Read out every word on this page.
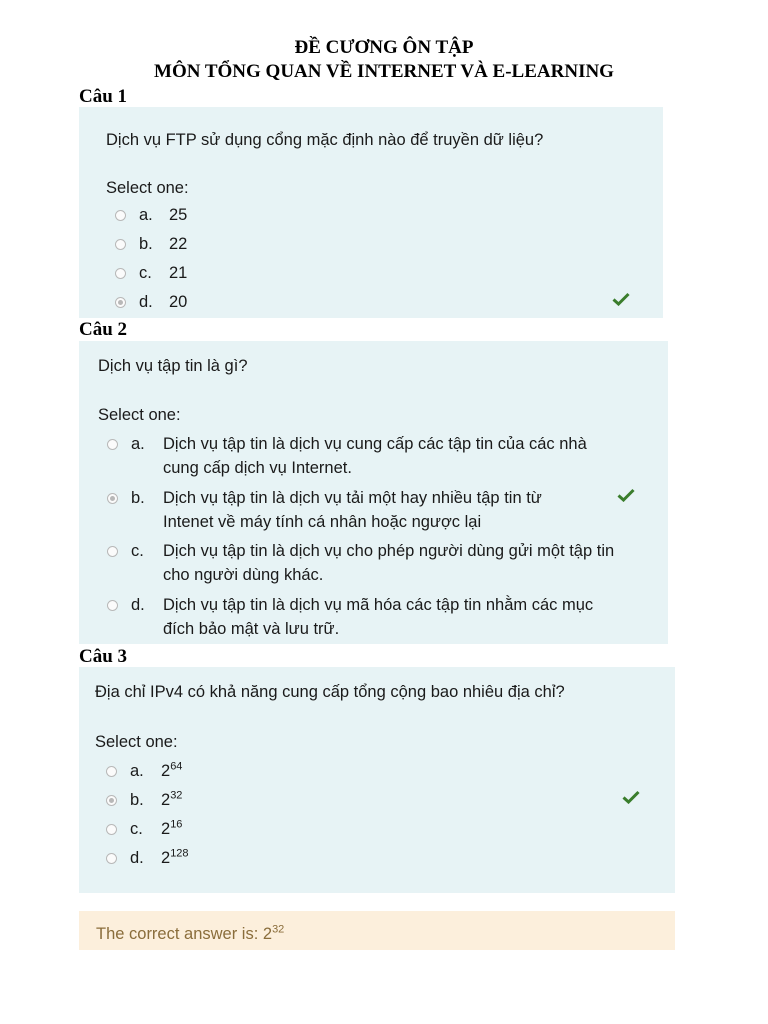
ĐỀ CƯƠNG ÔN TẬP
MÔN TỔNG QUAN VỀ INTERNET VÀ E-LEARNING
Câu 1
Dịch vụ FTP sử dụng cổng mặc định nào để truyền dữ liệu?
Select one:
a. 25
b. 22
c. 21
d. 20
Câu 2
Dịch vụ tập tin là gì?
Select one:
a. Dịch vụ tập tin là dịch vụ cung cấp các tập tin của các nhà
cung cấp dịch vụ Internet.
b. Dịch vụ tập tin là dịch vụ tải một hay nhiều tập tin từ
Intenet về máy tính cá nhân hoặc ngược lại
c. Dịch vụ tập tin là dịch vụ cho phép người dùng gửi một tập tin
cho người dùng khác.
d. Dịch vụ tập tin là dịch vụ mã hóa các tập tin nhằm các mục
đích bảo mật và lưu trữ.
Câu 3
Địa chỉ IPv4 có khả năng cung cấp tổng cộng bao nhiêu địa chỉ?
Select one:
a. $2^{64}$
b. $2^{32}$
c. $2^{16}$
d. $2^{128}$
The correct answer is: $2^{32}$
